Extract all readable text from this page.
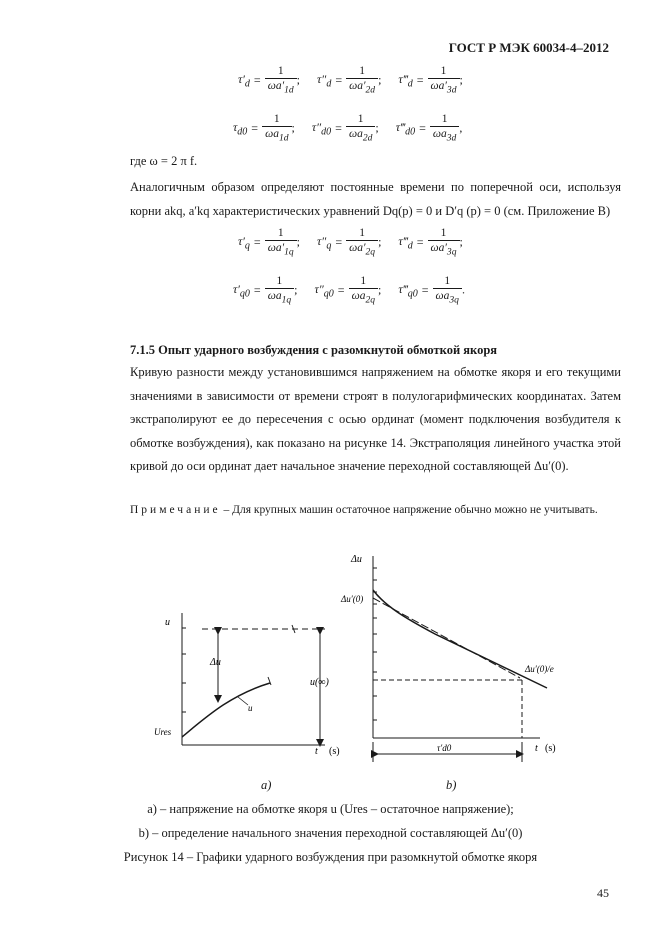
ГОСТ Р МЭК 60034-4–2012
$\tau'_d = \frac{1}{\omega a'_{1d}}$ ; $\tau''_d = \frac{1}{\omega a'_{2d}}$ ; $\tau‴_d = \frac{1}{\omega a'_{3d}}$ ;
$\tau_{d0} = \frac{1}{\omega a_{1d}}$ ; $\tau''_{d0} = \frac{1}{\omega a_{2d}}$ ; $\tau‴_{d0} = \frac{1}{\omega a_{3d}}$ ,
где ω = 2 π f.
Аналогичным образом определяют постоянные времени по поперечной оси, используя корни akq, a′kq характеристических уравнений Dq(p) = 0 и D′q (p) = 0 (см. Приложение В)
$\tau'_q = \frac{1}{\omega a'_{1q}}$ ; $\tau''_q = \frac{1}{\omega a'_{2q}}$ ; $\tau‴_d = \frac{1}{\omega a'_{3q}}$ ;
$\tau'_{q0} = \frac{1}{\omega a_{1q}}$ ; $\tau''_{q0} = \frac{1}{\omega a_{2q}}$ ; $\tau‴_{q0} = \frac{1}{\omega a_{3q}}$ .
7.1.5 Опыт ударного возбуждения с разомкнутой обмоткой якоря
Кривую разности между установившимся напряжением на обмотке якоря и его текущими значениями в зависимости от времени строят в полулогарифмических координатах. Затем экстраполируют ее до пересечения с осью ординат (момент подключения возбудителя к обмотке возбуждения), как показано на рисунке 14. Экстраполяция линейного участка этой кривой до оси ординат дает начальное значение переходной составляющей Δu′(0).
Примечание – Для крупных машин остаточное напряжение обычно можно не учитывать.
u
Δu
u(∞)
u
Ures
t (s)
Δu
Δu′(0)
Δu′(0)/e
τ′d0	t (s)
a)	b)
a) – напряжение на обмотке якоря u (Ures – остаточное напряжение);
b) – определение начального значения переходной составляющей Δu′(0)
Рисунок 14 – Графики ударного возбуждения при разомкнутой обмотке якоря
45
